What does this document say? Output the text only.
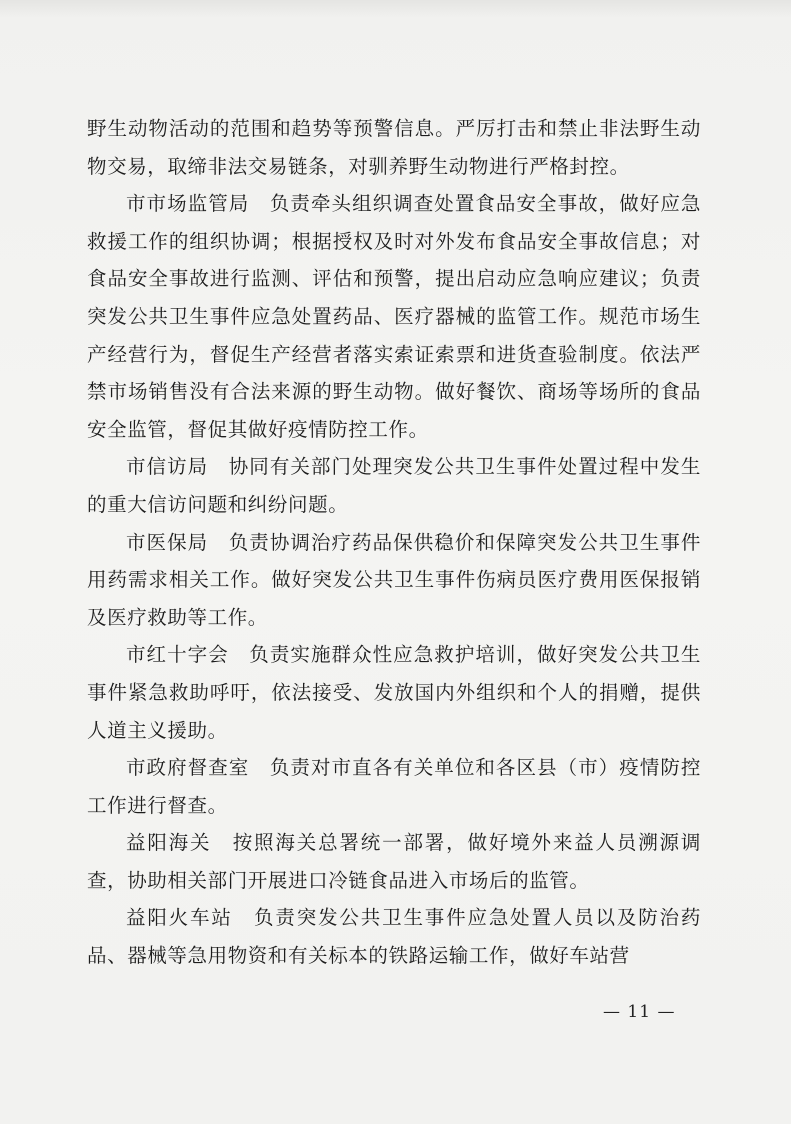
野生动物活动的范围和趋势等预警信息。严厉打击和禁止非法野生动物交易，取缔非法交易链条，对驯养野生动物进行严格封控。

市市场监管局　负责牵头组织调查处置食品安全事故，做好应急救援工作的组织协调；根据授权及时对外发布食品安全事故信息；对食品安全事故进行监测、评估和预警，提出启动应急响应建议；负责突发公共卫生事件应急处置药品、医疗器械的监管工作。规范市场生产经营行为，督促生产经营者落实索证索票和进货查验制度。依法严禁市场销售没有合法来源的野生动物。做好餐饮、商场等场所的食品安全监管，督促其做好疫情防控工作。

市信访局　协同有关部门处理突发公共卫生事件处置过程中发生的重大信访问题和纠纷问题。

市医保局　负责协调治疗药品保供稳价和保障突发公共卫生事件用药需求相关工作。做好突发公共卫生事件伤病员医疗费用医保报销及医疗救助等工作。

市红十字会　负责实施群众性应急救护培训，做好突发公共卫生事件紧急救助呼吁，依法接受、发放国内外组织和个人的捐赠，提供人道主义援助。

市政府督查室　负责对市直各有关单位和各区县（市）疫情防控工作进行督查。

益阳海关　按照海关总署统一部署，做好境外来益人员溯源调查，协助相关部门开展进口冷链食品进入市场后的监管。

益阳火车站　负责突发公共卫生事件应急处置人员以及防治药品、器械等急用物资和有关标本的铁路运输工作，做好车站营

— 11 —
